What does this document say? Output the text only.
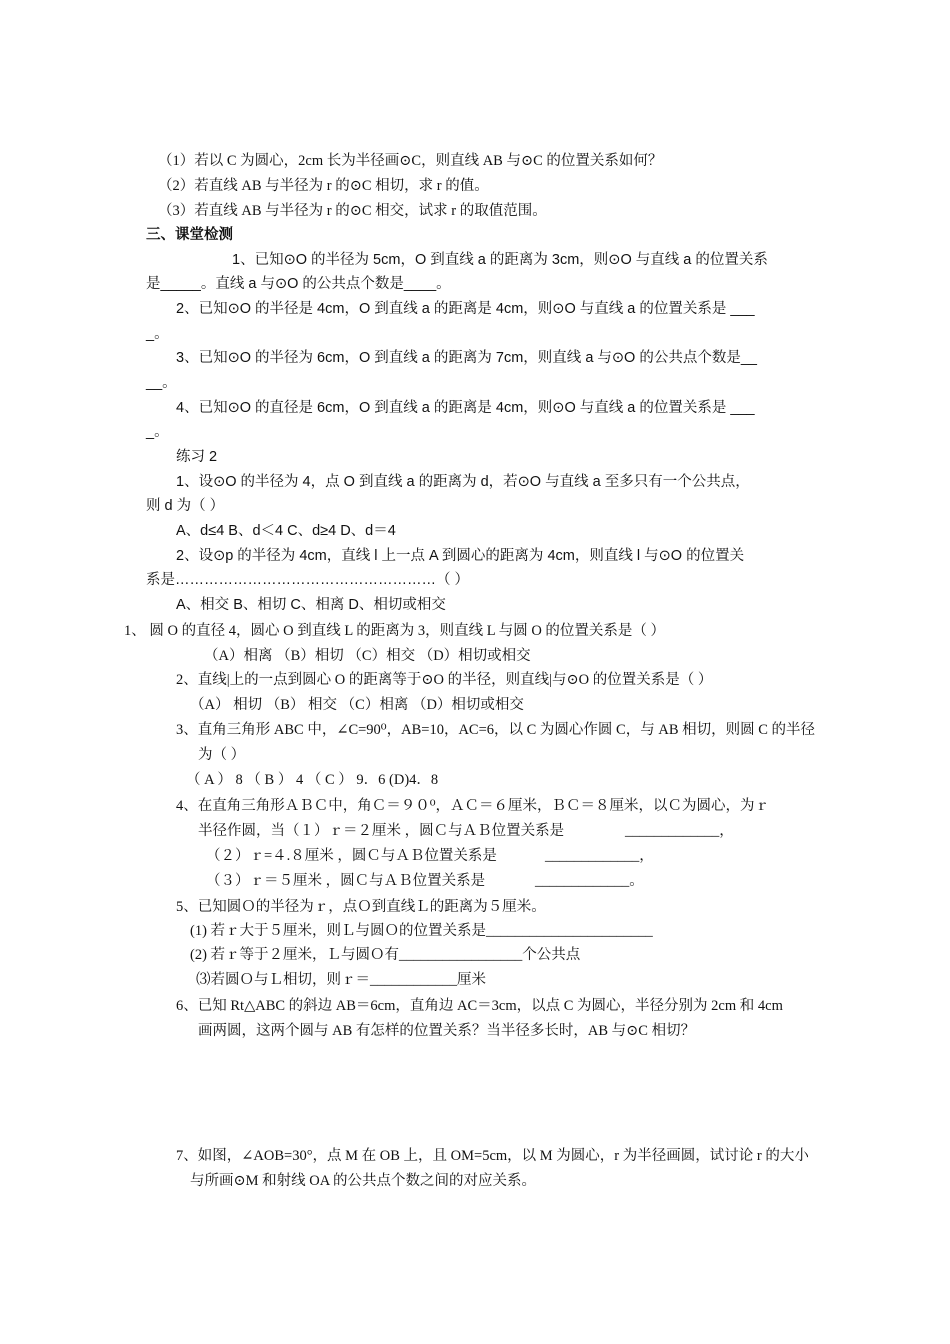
（1）若以 C 为圆心，2cm 长为半径画⊙C，则直线 AB 与⊙C 的位置关系如何？
（2）若直线 AB 与半径为 r 的⊙C 相切，求 r 的值。
（3）若直线 AB 与半径为 r 的⊙C 相交，试求 r 的取值范围。
三、课堂检测
1、已知⊙O 的半径为 5cm，O 到直线 a 的距离为 3cm，则⊙O 与直线 a 的位置关系
是_____。直线 a 与⊙O 的公共点个数是____。
2、已知⊙O 的半径是 4cm，O 到直线 a 的距离是 4cm，则⊙O 与直线 a 的位置关系是 ___
_。
3、已知⊙O 的半径为 6cm，O 到直线 a 的距离为 7cm，则直线 a 与⊙O 的公共点个数是__
__。
4、已知⊙O 的直径是 6cm，O 到直线 a 的距离是 4cm，则⊙O 与直线 a 的位置关系是 ___
_。
练习 2
1、设⊙O 的半径为 4，点 O 到直线 a 的距离为 d，若⊙O 与直线 a 至多只有一个公共点，
则 d 为（ ）
A、d≤4 B、d＜4 C、d≥4 D、d＝4
2、设⊙p 的半径为 4cm，直线 l 上一点 A 到圆心的距离为 4cm，则直线 l 与⊙O 的位置关
系是………………………………………………（ ）
A、相交 B、相切 C、相离 D、相切或相交
1、 圆 O 的直径 4，圆心 O 到直线 L 的距离为 3，则直线 L 与圆 O 的位置关系是（ ）
（A）相离 （B）相切 （C）相交 （D）相切或相交
2、直线|上的一点到圆心 O 的距离等于⊙O 的半径，则直线|与⊙O 的位置关系是（ ）
（A） 相切 （B） 相交 （C）相离 （D）相切或相交
3、直角三角形 ABC 中，∠C=90⁰，AB=10，AC=6，以 C 为圆心作圆 C，与 AB 相切，则圆 C 的半径
为（ ）
（ A ） 8 （ B ） 4 （ C ） 9．6 (D)4．8
4、在直角三角形ＡＢＣ中，角Ｃ＝９０⁰，ＡＣ＝６厘米，ＢＣ＝８厘米，以Ｃ为圆心，为ｒ
半径作圆，当（１）ｒ＝２厘米 ，圆Ｃ与ＡＢ位置关系是	_____________，
（２）ｒ=４.８厘米 ，圆Ｃ与ＡＢ位置关系是	_____________，
（３）ｒ＝５厘米 ，圆Ｃ与ＡＢ位置关系是	_____________。
5、已知圆Ｏ的半径为ｒ，点Ｏ到直线Ｌ的距离为５厘米。
(1) 若ｒ大于５厘米，则Ｌ与圆Ｏ的位置关系是_______________________
(2) 若ｒ等于２厘米，Ｌ与圆Ｏ有_________________个公共点
⑶若圆Ｏ与Ｌ相切，则ｒ＝____________厘米
6、已知 Rt△ABC 的斜边 AB＝6cm，直角边 AC＝3cm，以点 C 为圆心，半径分别为 2cm 和 4cm
画两圆，这两个圆与 AB 有怎样的位置关系？当半径多长时，AB 与⊙C 相切？
7、如图，∠AOB=30°，点 M 在 OB 上，且 OM=5cm，以 M 为圆心，r 为半径画圆，试讨论 r 的大小
与所画⊙M 和射线 OA 的公共点个数之间的对应关系。
